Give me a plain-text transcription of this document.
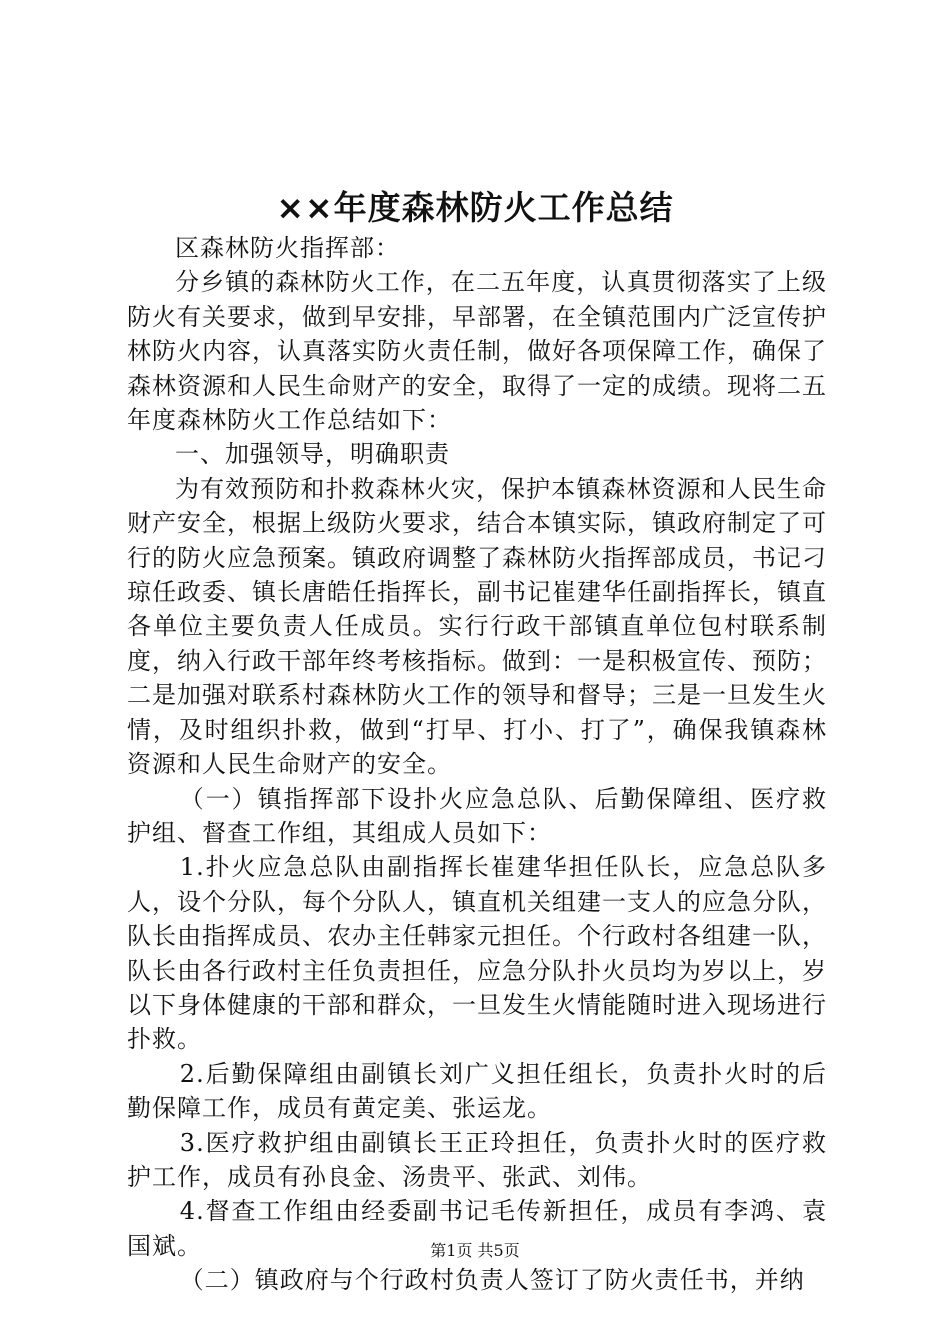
××年度森林防火工作总结

区森林防火指挥部：

分乡镇的森林防火工作，在二五年度，认真贯彻落实了上级防火有关要求，做到早安排，早部署，在全镇范围内广泛宣传护林防火内容，认真落实防火责任制，做好各项保障工作，确保了森林资源和人民生命财产的安全，取得了一定的成绩。现将二五年度森林防火工作总结如下：

一、加强领导，明确职责

为有效预防和扑救森林火灾，保护本镇森林资源和人民生命财产安全，根据上级防火要求，结合本镇实际，镇政府制定了可行的防火应急预案。镇政府调整了森林防火指挥部成员，书记刁琼任政委、镇长唐皓任指挥长，副书记崔建华任副指挥长，镇直各单位主要负责人任成员。实行行政干部镇直单位包村联系制度，纳入行政干部年终考核指标。做到：一是积极宣传、预防；二是加强对联系村森林防火工作的领导和督导；三是一旦发生火情，及时组织扑救，做到“打早、打小、打了”，确保我镇森林资源和人民生命财产的安全。

（一）镇指挥部下设扑火应急总队、后勤保障组、医疗救护组、督查工作组，其组成人员如下：

1.扑火应急总队由副指挥长崔建华担任队长，应急总队多人，设个分队，每个分队人，镇直机关组建一支人的应急分队，队长由指挥成员、农办主任韩家元担任。个行政村各组建一队，队长由各行政村主任负责担任，应急分队扑火员均为岁以上，岁以下身体健康的干部和群众，一旦发生火情能随时进入现场进行扑救。

2.后勤保障组由副镇长刘广义担任组长，负责扑火时的后勤保障工作，成员有黄定美、张运龙。

3.医疗救护组由副镇长王正玲担任，负责扑火时的医疗救护工作，成员有孙良金、汤贵平、张武、刘伟。

4.督查工作组由经委副书记毛传新担任，成员有李鸿、袁国斌。

（二）镇政府与个行政村负责人签订了防火责任书，并纳

第1页 共5页
